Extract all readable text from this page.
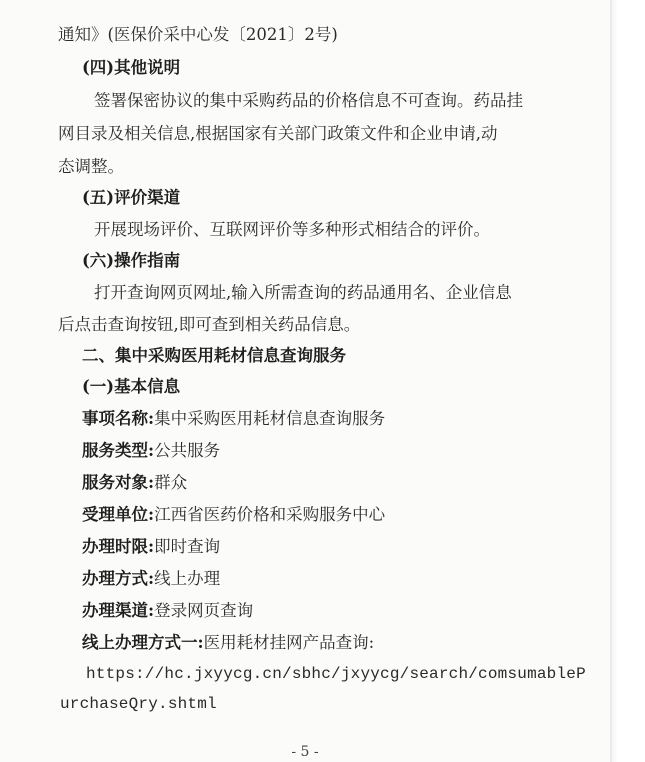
通知》(医保价采中心发〔2021〕2号)
(四)其他说明
签署保密协议的集中采购药品的价格信息不可查询。药品挂
网目录及相关信息,根据国家有关部门政策文件和企业申请,动
态调整。
(五)评价渠道
开展现场评价、互联网评价等多种形式相结合的评价。
(六)操作指南
打开查询网页网址,输入所需查询的药品通用名、企业信息
后点击查询按钮,即可查到相关药品信息。
二、集中采购医用耗材信息查询服务
(一)基本信息
事项名称:集中采购医用耗材信息查询服务
服务类型:公共服务
服务对象:群众
受理单位:江西省医药价格和采购服务中心
办理时限:即时查询
办理方式:线上办理
办理渠道:登录网页查询
线上办理方式一:医用耗材挂网产品查询:
https://hc.jxyycg.cn/sbhc/jxyycg/search/comsumableP
urchaseQry.shtml
- 5 -
